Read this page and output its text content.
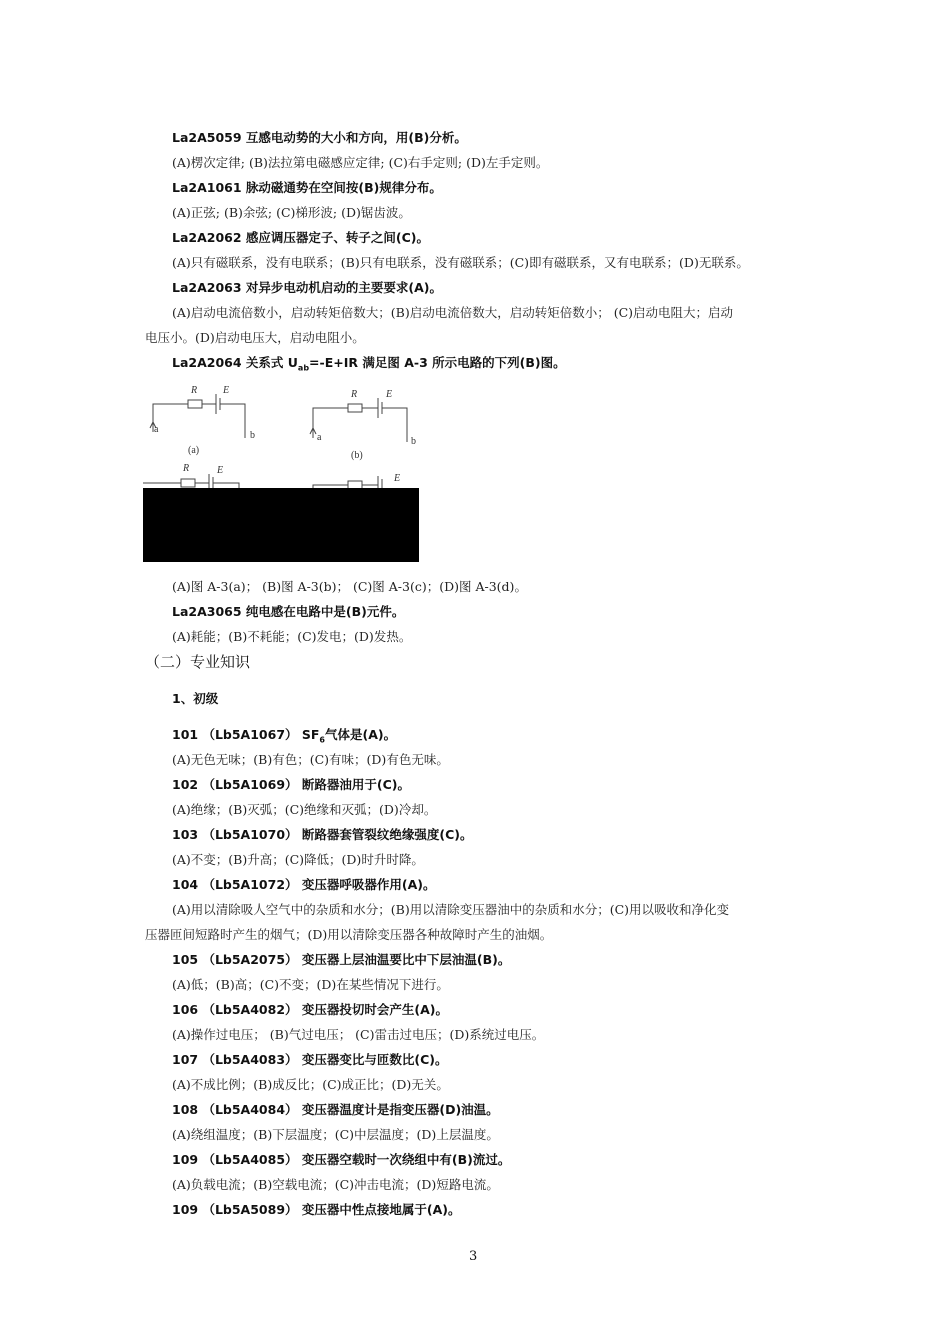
La2A5059 互感电动势的大小和方向，用(B)分析。
(A)楞次定律; (B)法拉第电磁感应定律; (C)右手定则; (D)左手定则。
La2A1061 脉动磁通势在空间按(B)规律分布。
(A)正弦; (B)余弦; (C)梯形波; (D)锯齿波。
La2A2062 感应调压器定子、转子之间(C)。
(A)只有磁联系，没有电联系；(B)只有电联系，没有磁联系；(C)即有磁联系，又有电联系；(D)无联系。
La2A2063 对异步电动机启动的主要要求(A)。
(A)启动电流倍数小，启动转矩倍数大；(B)启动电流倍数大，启动转矩倍数小； (C)启动电阻大；启动
电压小。(D)启动电压大，启动电阻小。
La2A2064 关系式 $U_{ab}=-E+IR$ 满足图 A-3 所示电路的下列(B)图。
R	E
a
b
(a)
R	E
a	b
(b)
R	E
E
(A)图 A-3(a)； (B)图 A-3(b)； (C)图 A-3(c)；(D)图 A-3(d)。
La2A3065 纯电感在电路中是(B)元件。
(A)耗能；(B)不耗能；(C)发电；(D)发热。
（二）专业知识
1、初级
101 （Lb5A1067） $SF_6$气体是(A)。
(A)无色无味；(B)有色；(C)有味；(D)有色无味。
102 （Lb5A1069） 断路器油用于(C)。
(A)绝缘；(B)灭弧；(C)绝缘和灭弧；(D)冷却。
103 （Lb5A1070） 断路器套管裂纹绝缘强度(C)。
(A)不变；(B)升高；(C)降低；(D)时升时降。
104 （Lb5A1072） 变压器呼吸器作用(A)。
(A)用以清除吸人空气中的杂质和水分；(B)用以清除变压器油中的杂质和水分；(C)用以吸收和净化变
压器匝间短路时产生的烟气；(D)用以清除变压器各种故障时产生的油烟。
105 （Lb5A2075） 变压器上层油温要比中下层油温(B)。
(A)低；(B)高；(C)不变；(D)在某些情况下进行。
106 （Lb5A4082） 变压器投切时会产生(A)。
(A)操作过电压； (B)气过电压； (C)雷击过电压；(D)系统过电压。
107 （Lb5A4083） 变压器变比与匝数比(C)。
(A)不成比例；(B)成反比；(C)成正比；(D)无关。
108 （Lb5A4084） 变压器温度计是指变压器(D)油温。
(A)绕组温度；(B)下层温度；(C)中层温度；(D)上层温度。
109 （Lb5A4085） 变压器空载时一次绕组中有(B)流过。
(A)负载电流；(B)空载电流；(C)冲击电流；(D)短路电流。
109 （Lb5A5089） 变压器中性点接地属于(A)。
3
